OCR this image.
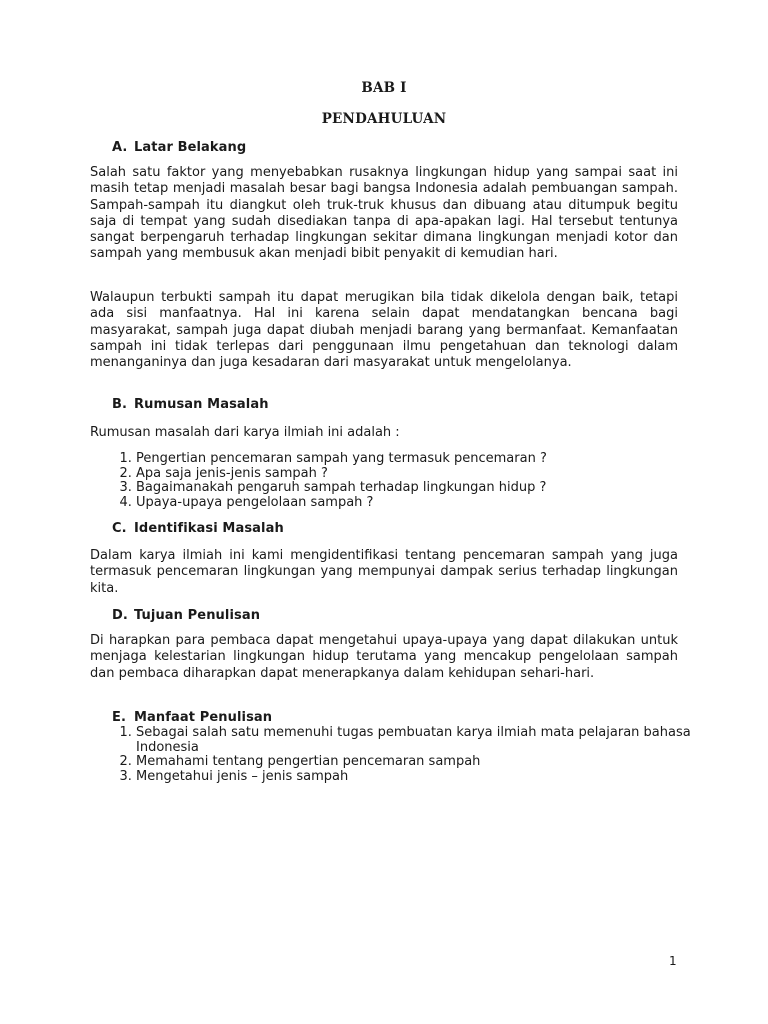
BAB I
PENDAHULUAN
A. Latar Belakang

Salah satu faktor yang menyebabkan rusaknya lingkungan hidup yang sampai saat ini masih tetap menjadi masalah besar bagi bangsa Indonesia adalah pembuangan sampah. Sampah-sampah itu diangkut oleh truk-truk khusus dan dibuang atau ditumpuk begitu saja di tempat yang sudah disediakan tanpa di apa-apakan lagi. Hal tersebut tentunya sangat berpengaruh terhadap lingkungan sekitar dimana lingkungan menjadi kotor dan sampah yang membusuk akan menjadi bibit penyakit di kemudian hari.

Walaupun terbukti sampah itu dapat merugikan bila tidak dikelola dengan baik, tetapi ada sisi manfaatnya. Hal ini karena selain dapat mendatangkan bencana bagi masyarakat, sampah juga dapat diubah menjadi barang yang bermanfaat. Kemanfaatan sampah ini tidak terlepas dari penggunaan ilmu pengetahuan dan teknologi dalam menanganinya dan juga kesadaran dari masyarakat untuk mengelolanya.

B. Rumusan Masalah

Rumusan masalah dari karya ilmiah ini adalah :

1. Pengertian pencemaran sampah yang termasuk pencemaran ?
2. Apa saja jenis-jenis sampah ?
3. Bagaimanakah pengaruh sampah terhadap lingkungan hidup ?
4. Upaya-upaya pengelolaan sampah ?
C. Identifikasi Masalah

Dalam karya ilmiah ini kami mengidentifikasi tentang pencemaran sampah yang juga termasuk pencemaran lingkungan yang mempunyai dampak serius terhadap lingkungan kita.

D. Tujuan Penulisan

Di harapkan para pembaca dapat mengetahui upaya-upaya yang dapat dilakukan untuk menjaga kelestarian lingkungan hidup terutama yang mencakup pengelolaan sampah dan pembaca diharapkan dapat menerapkanya dalam kehidupan sehari-hari.

E. Manfaat Penulisan
1. Sebagai salah satu memenuhi tugas pembuatan karya ilmiah mata pelajaran bahasa Indonesia
2. Memahami tentang pengertian pencemaran sampah
3. Mengetahui jenis – jenis sampah
1
